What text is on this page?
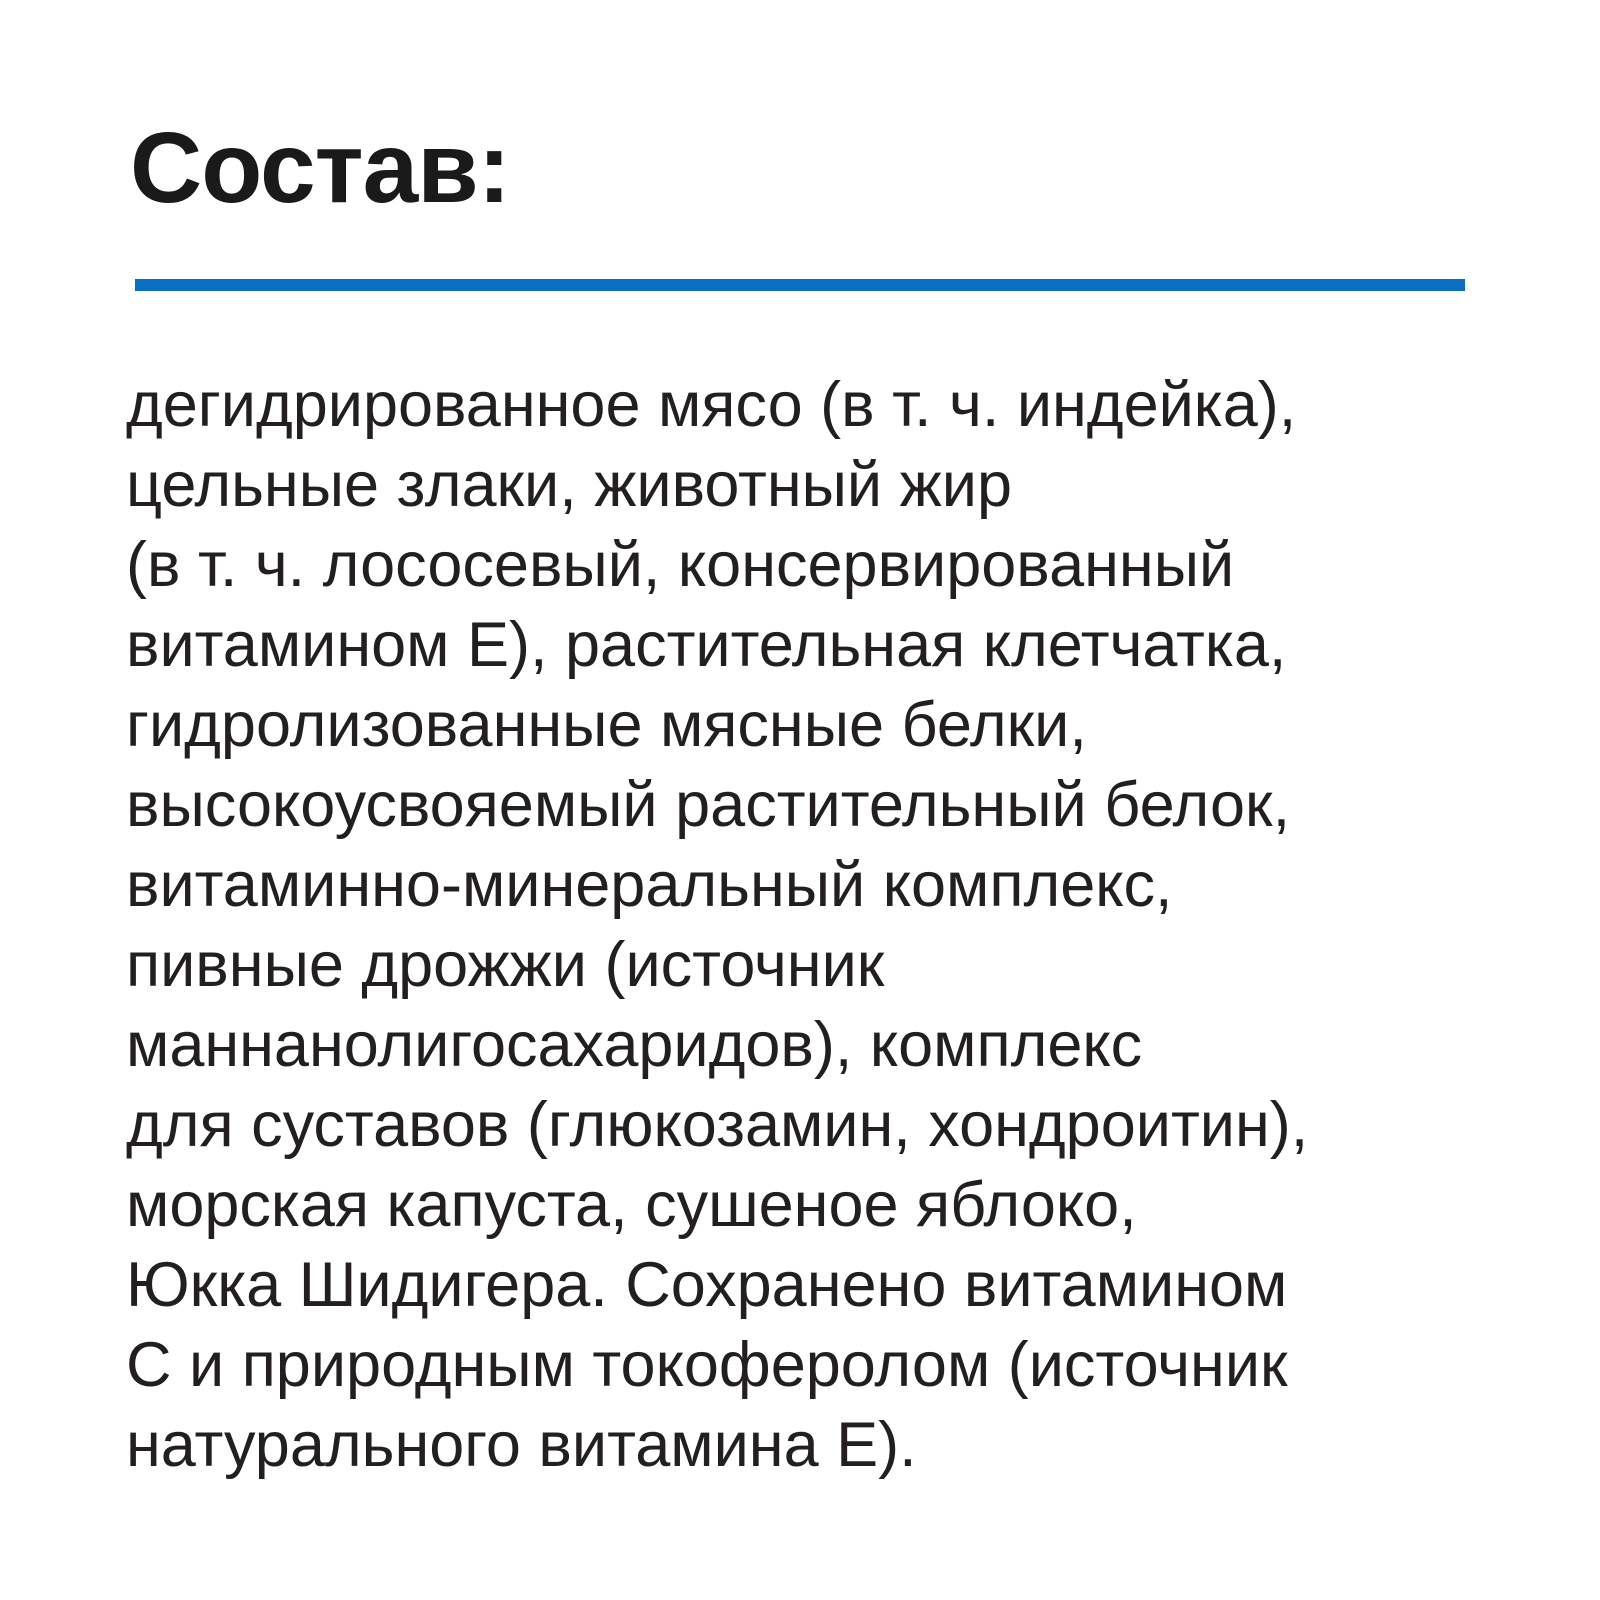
Состав:
дегидрированное мясо (в т. ч. индейка),
цельные злаки, животный жир
(в т. ч. лососевый, консервированный
витамином Е), растительная клетчатка,
гидролизованные мясные белки,
высокоусвояемый растительный белок,
витаминно-минеральный комплекс,
пивные дрожжи (источник
маннанолигосахаридов), комплекс
для суставов (глюкозамин, хондроитин),
морская капуста, сушеное яблоко,
Юкка Шидигера. Сохранено витамином
С и природным токоферолом (источник
натурального витамина Е).
